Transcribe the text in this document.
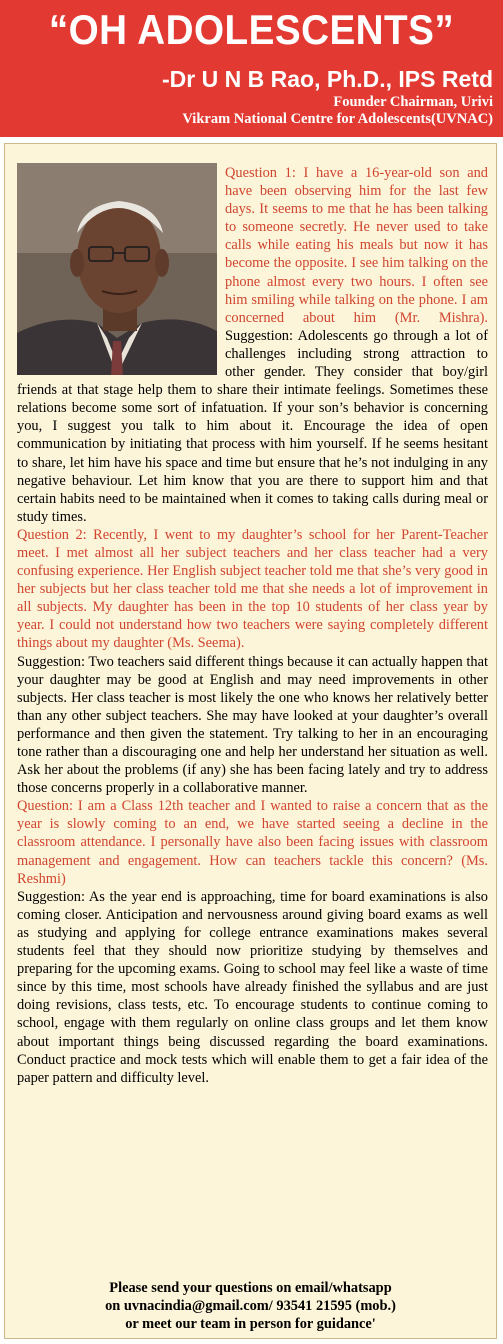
“OH ADOLESCENTS”
-Dr U N B Rao, Ph.D., IPS Retd
Founder Chairman, Urivi
Vikram National Centre for Adolescents(UVNAC)
Question 1: I have a 16-year-old son and have been observing him for the last few days. It seems to me that he has been talking to someone secretly. He never used to take calls while eating his meals but now it has become the opposite. I see him talking on the phone almost every two hours. I often see him smiling while talking on the phone. I am concerned about him (Mr. Mishra). Suggestion: Adolescents go through a lot of challenges including strong attraction to other gender. They consider that boy/girl friends at that stage help them to share their intimate feelings. Sometimes these relations become some sort of infatuation. If your son’s behavior is concerning you, I suggest you talk to him about it. Encourage the idea of open communication by initiating that process with him yourself. If he seems hesitant to share, let him have his space and time but ensure that he’s not indulging in any negative behaviour. Let him know that you are there to support him and that certain habits need to be maintained when it comes to taking calls during meal or study times.
Question 2: Recently, I went to my daughter’s school for her Parent-Teacher meet. I met almost all her subject teachers and her class teacher had a very confusing experience. Her English subject teacher told me that she’s very good in her subjects but her class teacher told me that she needs a lot of improvement in all subjects. My daughter has been in the top 10 students of her class year by year. I could not understand how two teachers were saying completely different things about my daughter (Ms. Seema).
Suggestion: Two teachers said different things because it can actually happen that your daughter may be good at English and may need improvements in other subjects. Her class teacher is most likely the one who knows her relatively better than any other subject teachers. She may have looked at your daughter’s overall performance and then given the statement. Try talking to her in an encouraging tone rather than a discouraging one and help her understand her situation as well. Ask her about the problems (if any) she has been facing lately and try to address those concerns properly in a collaborative manner.
Question: I am a Class 12th teacher and I wanted to raise a concern that as the year is slowly coming to an end, we have started seeing a decline in the classroom attendance. I personally have also been facing issues with classroom management and engagement. How can teachers tackle this concern? (Ms. Reshmi)
Suggestion: As the year end is approaching, time for board examinations is also coming closer. Anticipation and nervousness around giving board exams as well as studying and applying for college entrance examinations makes several students feel that they should now prioritize studying by themselves and preparing for the upcoming exams. Going to school may feel like a waste of time since by this time, most schools have already finished the syllabus and are just doing revisions, class tests, etc. To encourage students to continue coming to school, engage with them regularly on online class groups and let them know about important things being discussed regarding the board examinations. Conduct practice and mock tests which will enable them to get a fair idea of the paper pattern and difficulty level.
Please send your questions on email/whatsapp
on uvnacindia@gmail.com/ 93541 21595 (mob.)
or meet our team in person for guidance'
